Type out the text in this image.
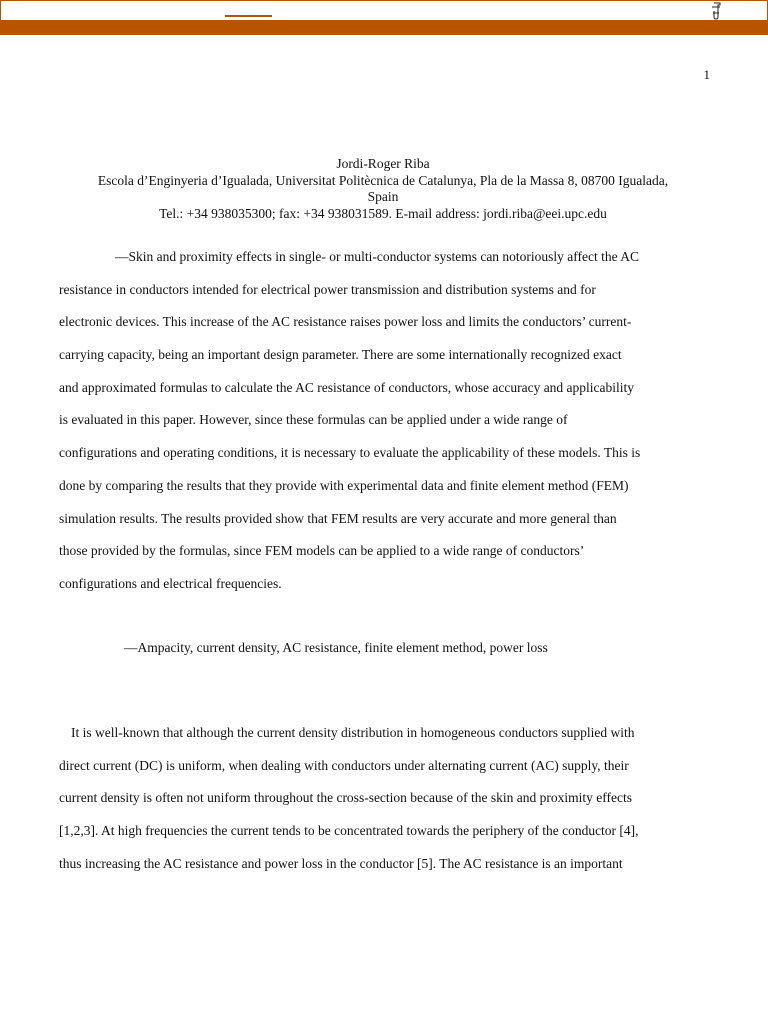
1
Jordi-Roger Riba
Escola d’Enginyeria d’Igualada, Universitat Politècnica de Catalunya, Pla de la Massa 8, 08700 Igualada,
Spain
Tel.: +34 938035300; fax: +34 938031589. E-mail address: jordi.riba@eei.upc.edu
—Skin and proximity effects in single- or multi-conductor systems can notoriously affect the AC
resistance in conductors intended for electrical power transmission and distribution systems and for
electronic devices. This increase of the AC resistance raises power loss and limits the conductors’ current-
carrying capacity, being an important design parameter. There are some internationally recognized exact
and approximated formulas to calculate the AC resistance of conductors, whose accuracy and applicability
is evaluated in this paper. However, since these formulas can be applied under a wide range of
configurations and operating conditions, it is necessary to evaluate the applicability of these models. This is
done by comparing the results that they provide with experimental data and finite element method (FEM)
simulation results. The results provided show that FEM results are very accurate and more general than
those provided by the formulas, since FEM models can be applied to a wide range of conductors’
configurations and electrical frequencies.
—Ampacity, current density, AC resistance, finite element method, power loss
It is well-known that although the current density distribution in homogeneous conductors supplied with
direct current (DC) is uniform, when dealing with conductors under alternating current (AC) supply, their
current density is often not uniform throughout the cross-section because of the skin and proximity effects
[1,2,3]. At high frequencies the current tends to be concentrated towards the periphery of the conductor [4],
thus increasing the AC resistance and power loss in the conductor [5]. The AC resistance is an important
